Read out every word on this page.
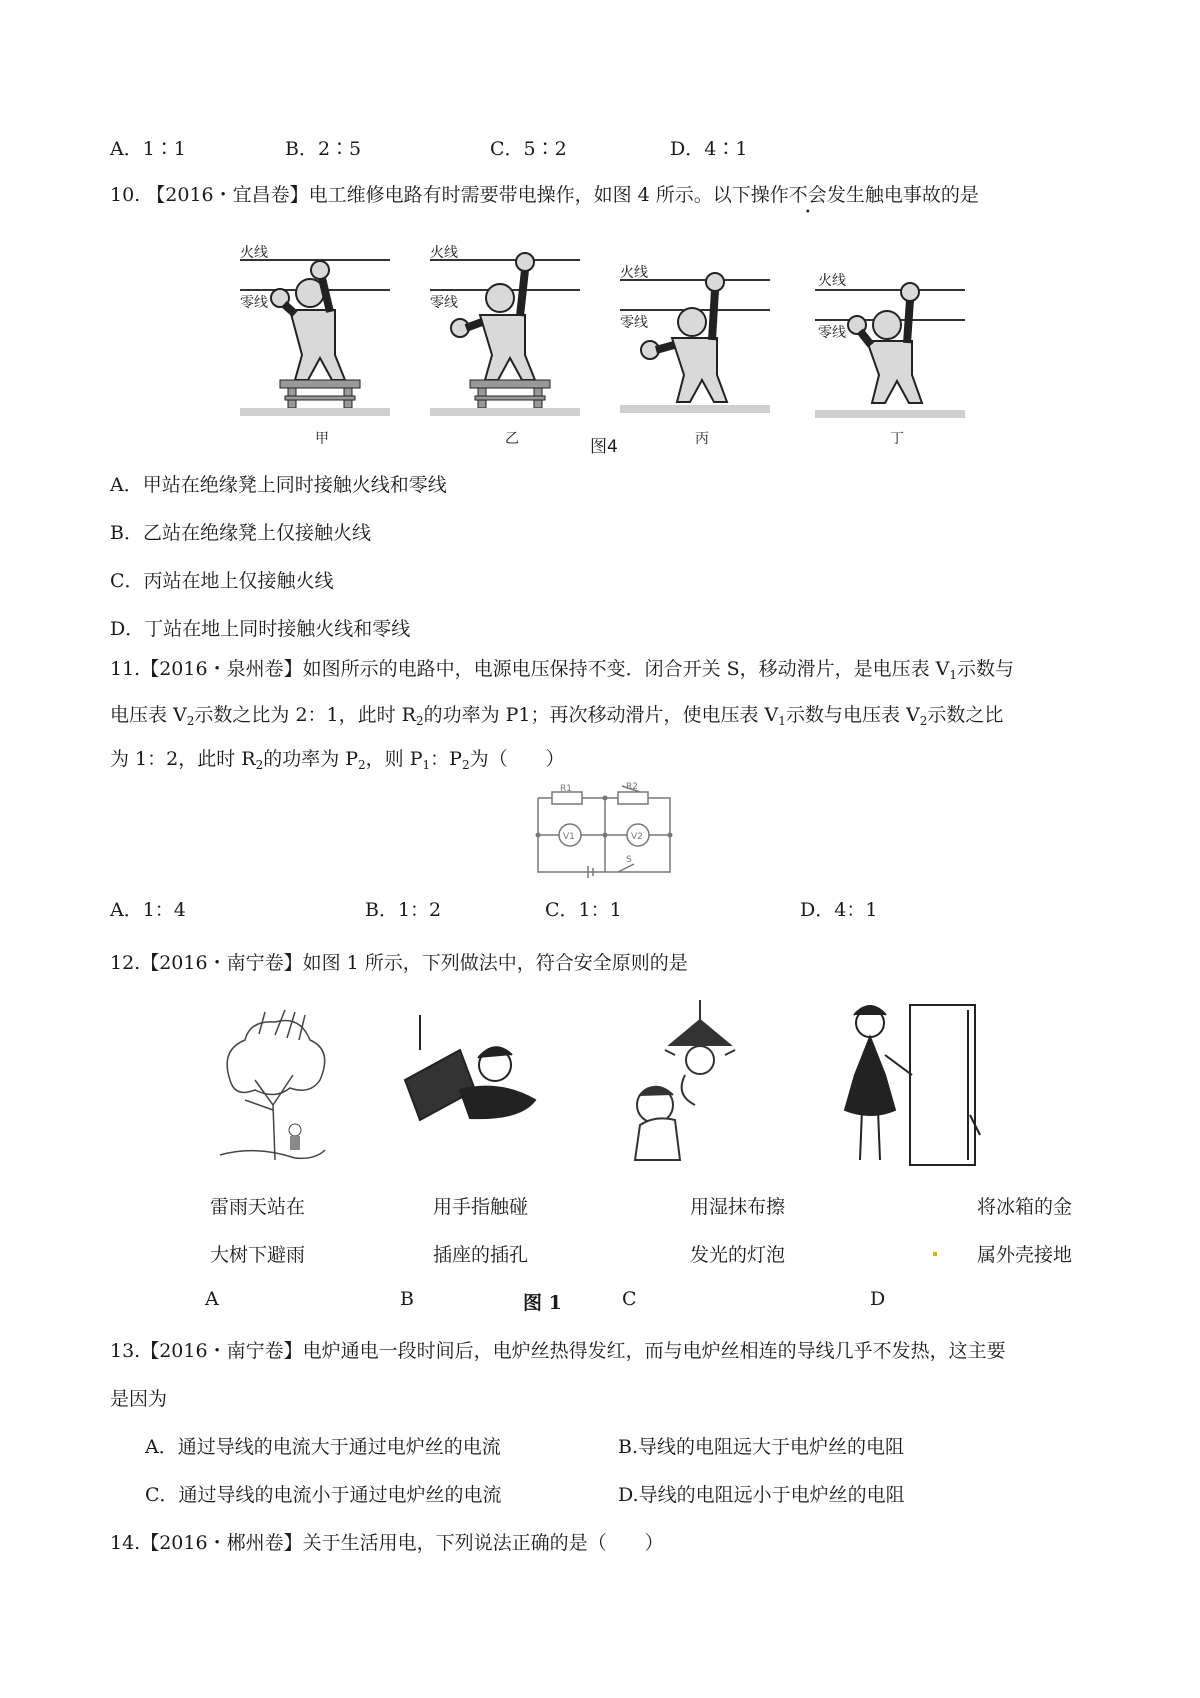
A．1∶1	B．2∶5	C．5∶2	D．4∶1
10. 【2016・宜昌卷】电工维修电路有时需要带电操作，如图 4 所示。以下操作不会发生触电事故的是
火线
零线
甲
火线
零线
乙
火线
零线
丙
火线
零线
丁
图4
A．甲站在绝缘凳上同时接触火线和零线
B．乙站在绝缘凳上仅接触火线
C．丙站在地上仅接触火线
D．丁站在地上同时接触火线和零线
11.【2016・泉州卷】如图所示的电路中，电源电压保持不变．闭合开关 S，移动滑片，是电压表 $V_1$示数与
电压表 $V_2$示数之比为 2：1，此时 $R_2$的功率为 P1；再次移动滑片，使电压表 $V_1$示数与电压表 $V_2$示数之比
为 1：2，此时 $R_2$的功率为 $P_2$，则 $P_1$：$P_2$为（　　）
R1	R2
V1	V2
S
A．1：4	B．1：2	C．1：1	D．4：1
12.【2016・南宁卷】如图 1 所示，下列做法中，符合安全原则的是
雷雨天站在
大树下避雨
用手指触碰
插座的插孔
用湿抹布擦
发光的灯泡
将冰箱的金
属外壳接地
A	B	图 1	C	D
13.【2016・南宁卷】电炉通电一段时间后，电炉丝热得发红，而与电炉丝相连的导线几乎不发热，这主要
是因为
A．通过导线的电流大于通过电炉丝的电流	B.导线的电阻远大于电炉丝的电阻
C．通过导线的电流小于通过电炉丝的电流	D.导线的电阻远小于电炉丝的电阻
14.【2016・郴州卷】关于生活用电，下列说法正确的是（　　）
